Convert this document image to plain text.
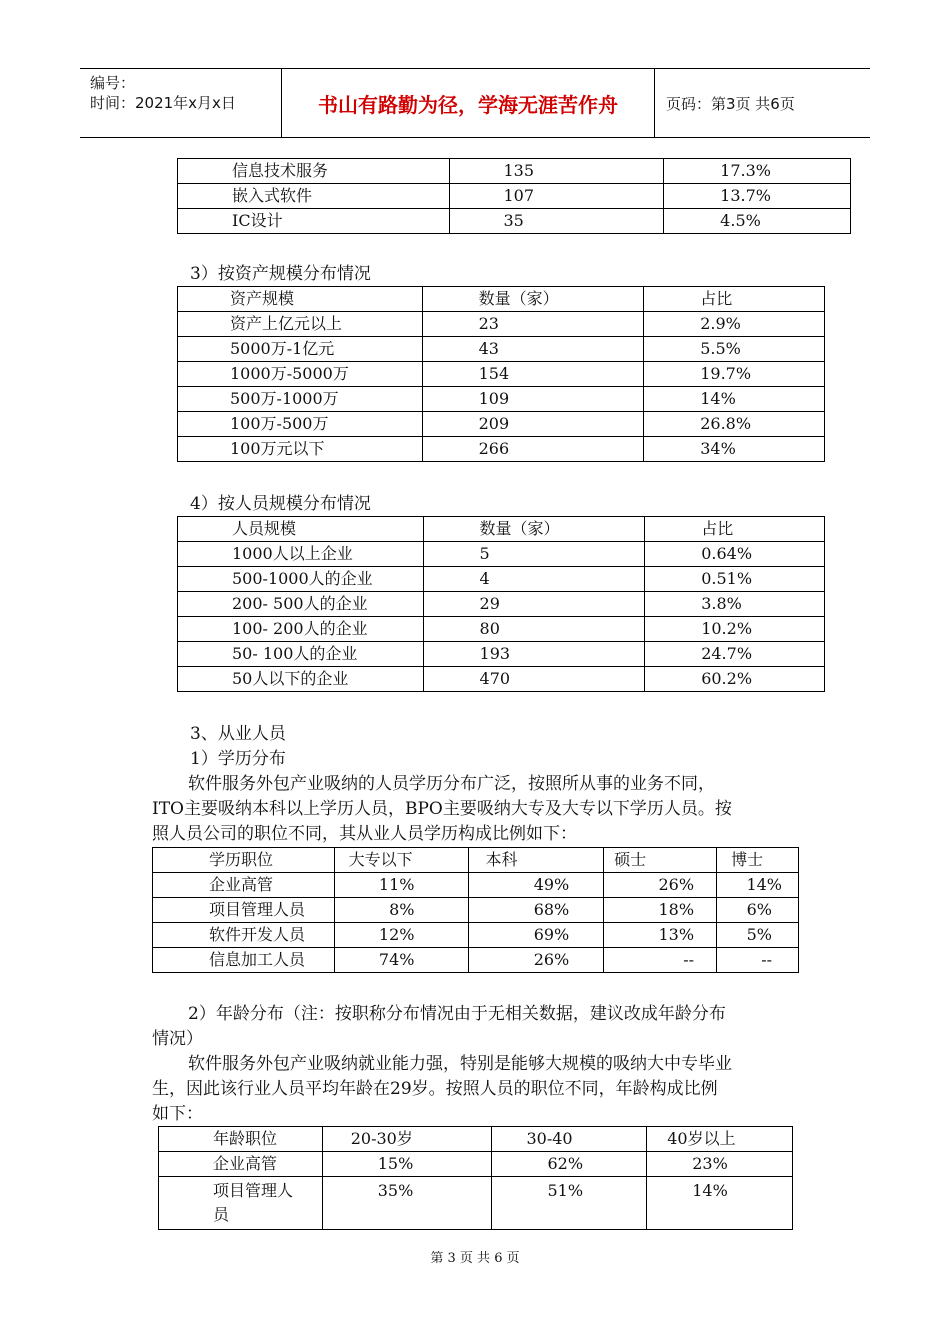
编号：
时间：2021年x月x日	书山有路勤为径，学海无涯苦作舟	页码：第3页 共6页
信息技术服务	135	17.3%
嵌入式软件	107	13.7%
IC设计	35	4.5%

3）按资产规模分布情况

资产规模	数量（家）	占比
资产上亿元以上	23	2.9%
5000万-1亿元	43	5.5%
1000万-5000万	154	19.7%
500万-1000万	109	14%
100万-500万	209	26.8%
100万元以下	266	34%

4）按人员规模分布情况

人员规模	数量（家）	占比
1000人以上企业	5	0.64%
500-1000人的企业	4	0.51%
200- 500人的企业	29	3.8%
100- 200人的企业	80	10.2%
50- 100人的企业	193	24.7%
50人以下的企业	470	60.2%

3、从业人员

1）学历分布

软件服务外包产业吸纳的人员学历分布广泛，按照所从事的业务不同，

ITO主要吸纳本科以上学历人员，BPO主要吸纳大专及大专以下学历人员。按

照人员公司的职位不同，其从业人员学历构成比例如下：

学历职位	大专以下	本科	硕士	博士
企业高管	11%	49%	26%	14%
项目管理人员	8%	68%	18%	6%
软件开发人员	12%	69%	13%	5%
信息加工人员	74%	26%	--	--

2）年龄分布（注：按职称分布情况由于无相关数据，建议改成年龄分布

情况）

软件服务外包产业吸纳就业能力强，特别是能够大规模的吸纳大中专毕业

生，因此该行业人员平均年龄在29岁。按照人员的职位不同，年龄构成比例

如下：

年龄职位	20-30岁	30-40	40岁以上
企业高管	15%	62%	23%
项目管理人员	35%	51%	14%
第 3 页 共 6 页
